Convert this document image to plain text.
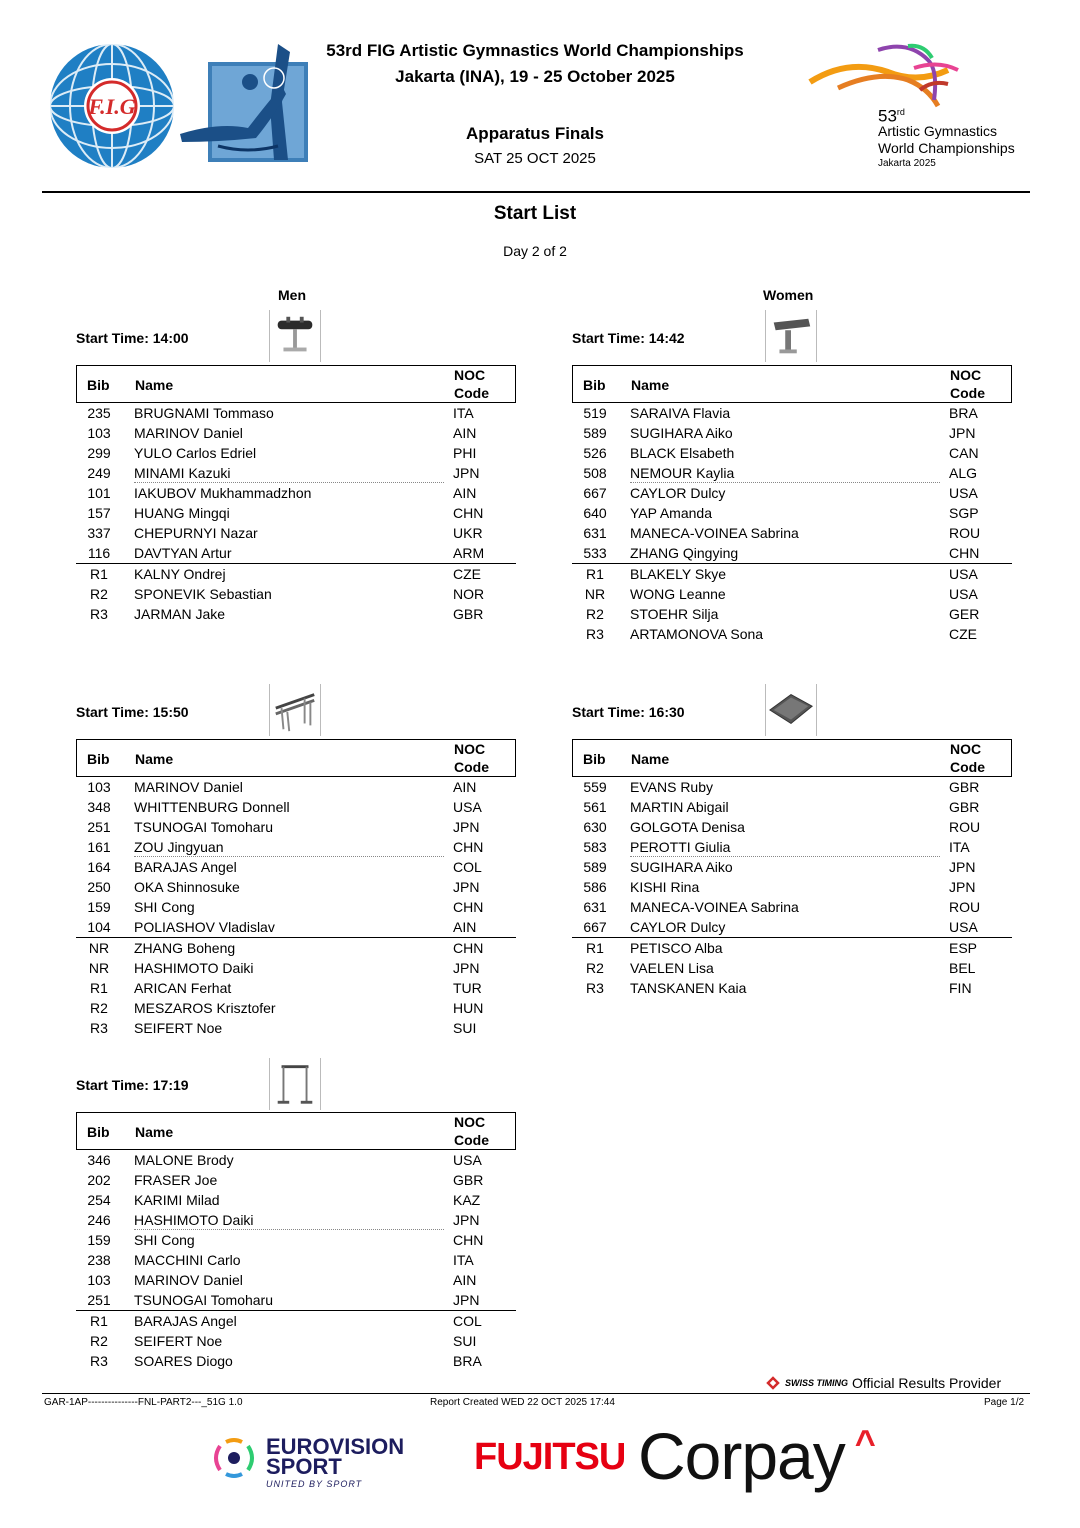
F.I.G
53rd FIG Artistic Gymnastics World Championships
Jakarta (INA), 19 - 25 October 2025
Apparatus Finals
SAT 25 OCT 2025
53rd
Artistic Gymnastics
World Championships
Jakarta 2025
Start List
Day 2 of 2
Men	Women
Start Time: 14:00
Bib Name
NOC
Code
235	BRUGNAMI Tommaso	ITA
103	MARINOV Daniel	AIN
299	YULO Carlos Edriel	PHI
249	MINAMI Kazuki	JPN
101	IAKUBOV Mukhammadzhon	AIN
157	HUANG Mingqi	CHN
337	CHEPURNYI Nazar	UKR
116	DAVTYAN Artur	ARM
R1	KALNY Ondrej	CZE
R2	SPONEVIK Sebastian	NOR
R3	JARMAN Jake	GBR
Start Time: 14:42
Bib Name
NOC
Code
519	SARAIVA Flavia	BRA
589	SUGIHARA Aiko	JPN
526	BLACK Elsabeth	CAN
508	NEMOUR Kaylia	ALG
667	CAYLOR Dulcy	USA
640	YAP Amanda	SGP
631	MANECA-VOINEA Sabrina	ROU
533	ZHANG Qingying	CHN
R1	BLAKELY Skye	USA
NR	WONG Leanne	USA
R2	STOEHR Silja	GER
R3	ARTAMONOVA Sona	CZE
Start Time: 15:50
Bib Name
NOC
Code
103	MARINOV Daniel	AIN
348	WHITTENBURG Donnell	USA
251	TSUNOGAI Tomoharu	JPN
161	ZOU Jingyuan	CHN
164	BARAJAS Angel	COL
250	OKA Shinnosuke	JPN
159	SHI Cong	CHN
104	POLIASHOV Vladislav	AIN
NR	ZHANG Boheng	CHN
NR	HASHIMOTO Daiki	JPN
R1	ARICAN Ferhat	TUR
R2	MESZAROS Krisztofer	HUN
R3	SEIFERT Noe	SUI
Start Time: 16:30
Bib Name
NOC
Code
559	EVANS Ruby	GBR
561	MARTIN Abigail	GBR
630	GOLGOTA Denisa	ROU
583	PEROTTI Giulia	ITA
589	SUGIHARA Aiko	JPN
586	KISHI Rina	JPN
631	MANECA-VOINEA Sabrina	ROU
667	CAYLOR Dulcy	USA
R1	PETISCO Alba	ESP
R2	VAELEN Lisa	BEL
R3	TANSKANEN Kaia	FIN
Start Time: 17:19
Bib Name
NOC
Code
346	MALONE Brody	USA
202	FRASER Joe	GBR
254	KARIMI Milad	KAZ
246	HASHIMOTO Daiki	JPN
159	SHI Cong	CHN
238	MACCHINI Carlo	ITA
103	MARINOV Daniel	AIN
251	TSUNOGAI Tomoharu	JPN
R1	BARAJAS Angel	COL
R2	SEIFERT Noe	SUI
R3	SOARES Diogo	BRA
SWISS TIMING Official Results Provider
GAR-1AP---------------FNL-PART2---_51G 1.0	Report Created WED 22 OCT 2025 17:44	Page 1/2
EUROVISION
SPORT
UNITED BY SPORT
FUJITSU Corpay ^
